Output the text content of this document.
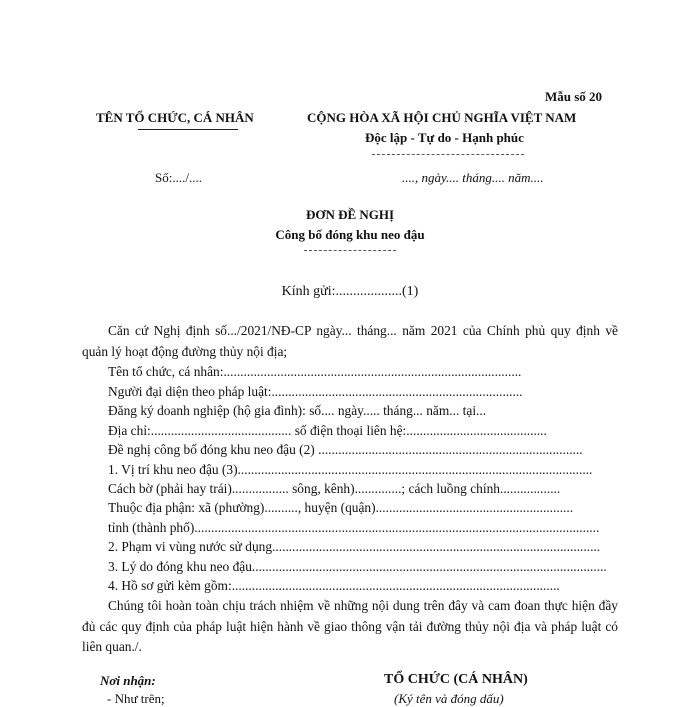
Mẫu số 20
TÊN TỔ CHỨC, CÁ NHÂN	CỘNG HÒA XÃ HỘI CHỦ NGHĨA VIỆT NAM
Độc lập - Tự do - Hạnh phúc
Số:..../....	...., ngày.... tháng.... năm....
ĐƠN ĐỀ NGHỊ
Công bố đóng khu neo đậu
Kính gửi:...................(1)
Căn cứ Nghị định số.../2021/NĐ-CP ngày... tháng... năm 2021 của Chính phủ quy định về quản lý hoạt động đường thủy nội địa;
Tên tổ chức, cá nhân:.........................................................................................
Người đại diện theo pháp luật:...........................................................................
Đăng ký doanh nghiệp (hộ gia đình): số.... ngày..... tháng... năm... tại...
Địa chỉ:.......................................... số điện thoại liên hệ:..........................................
Đề nghị công bố đóng khu neo đậu (2) ...............................................................................
1. Vị trí khu neo đậu (3)..........................................................................................................
Cách bờ (phải hay trái)................. sông, kênh)..............; cách luồng chính..................
Thuộc địa phận: xã (phường).........., huyện (quận)...........................................................
tỉnh (thành phố).........................................................................................................................
2. Phạm vi vùng nước sử dụng..................................................................................................
3. Lý do đóng khu neo đậu..........................................................................................................
4. Hồ sơ gửi kèm gồm:..................................................................................................
Chúng tôi hoàn toàn chịu trách nhiệm về những nội dung trên đây và cam đoan thực hiện đầy đủ các quy định của pháp luật hiện hành về giao thông vận tải đường thủy nội địa và pháp luật có liên quan./.
Nơi nhận:
- Như trên;
TỔ CHỨC (CÁ NHÂN)
(Ký tên và đóng dấu)
